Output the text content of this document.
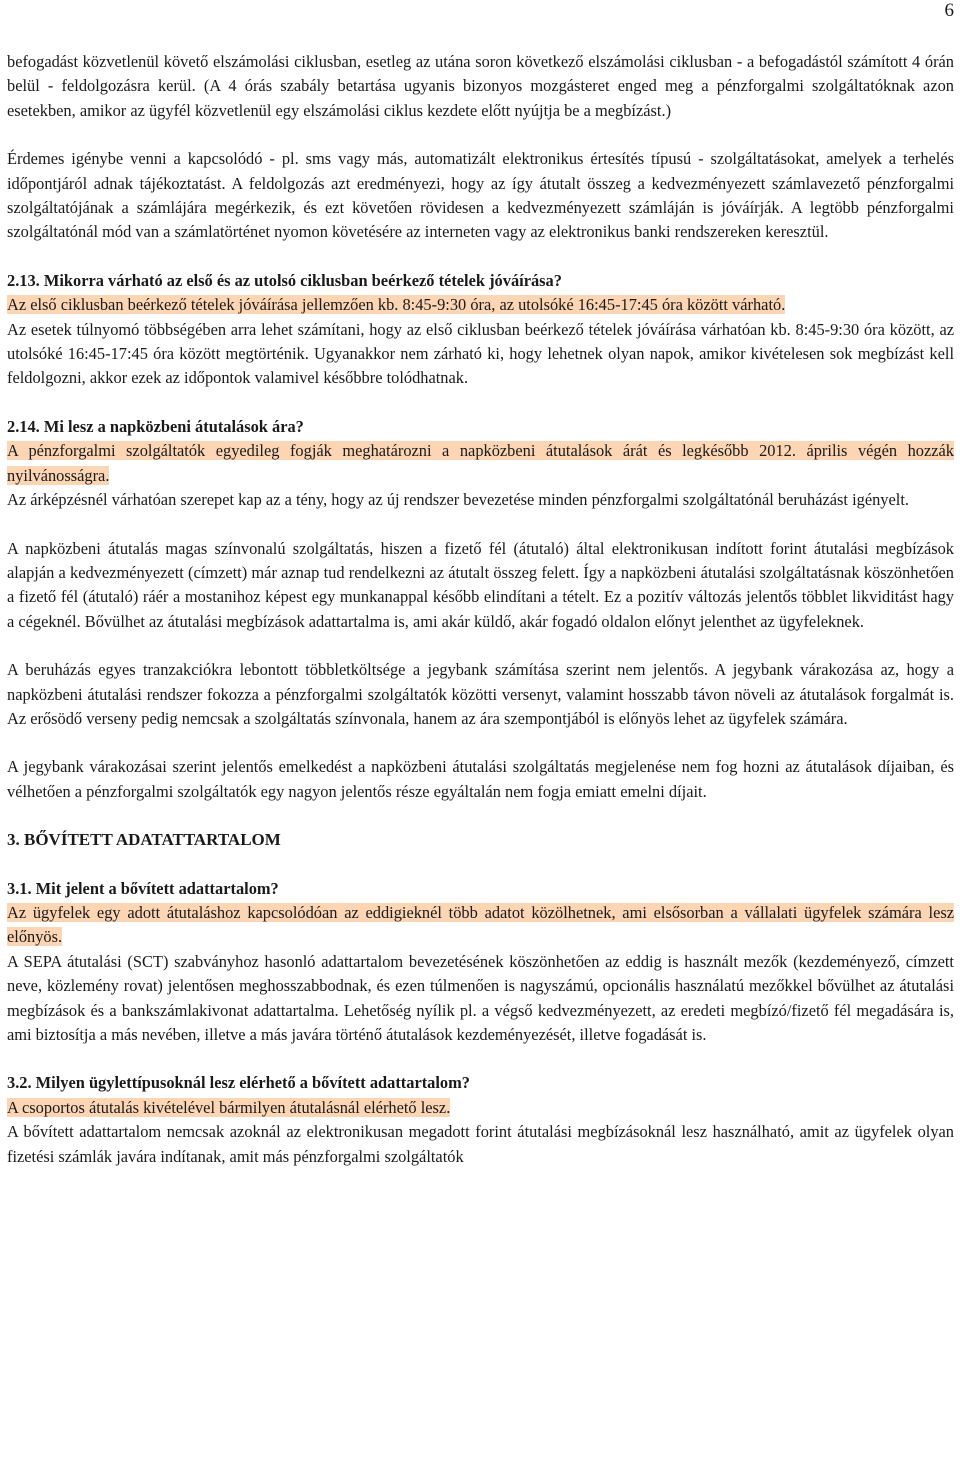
6

befogadást közvetlenül követő elszámolási ciklusban, esetleg az utána soron következő elszámolási ciklusban - a befogadástól számított 4 órán belül - feldolgozásra kerül. (A 4 órás szabály betartása ugyanis bizonyos mozgásteret enged meg a pénzforgalmi szolgáltatóknak azon esetekben, amikor az ügyfél közvetlenül egy elszámolási ciklus kezdete előtt nyújtja be a megbízást.)

Érdemes igénybe venni a kapcsolódó - pl. sms vagy más, automatizált elektronikus értesítés típusú - szolgáltatásokat, amelyek a terhelés időpontjáról adnak tájékoztatást. A feldolgozás azt eredményezi, hogy az így átutalt összeg a kedvezményezett számlavezető pénzforgalmi szolgáltatójának a számlájára megérkezik, és ezt követően rövidesen a kedvezményezett számláján is jóváírják. A legtöbb pénzforgalmi szolgáltatónál mód van a számlatörténet nyomon követésére az interneten vagy az elektronikus banki rendszereken keresztül.

2.13. Mikorra várható az első és az utolsó ciklusban beérkező tételek jóváírása?

Az első ciklusban beérkező tételek jóváírása jellemzően kb. 8:45-9:30 óra, az utolsóké 16:45-17:45 óra között várható.

Az esetek túlnyomó többségében arra lehet számítani, hogy az első ciklusban beérkező tételek jóváírása várhatóan kb. 8:45-9:30 óra között, az utolsóké 16:45-17:45 óra között megtörténik. Ugyanakkor nem zárható ki, hogy lehetnek olyan napok, amikor kivételesen sok megbízást kell feldolgozni, akkor ezek az időpontok valamivel későbbre tolódhatnak.

2.14. Mi lesz a napközbeni átutalások ára?

A pénzforgalmi szolgáltatók egyedileg fogják meghatározni a napközbeni átutalások árát és legkésőbb 2012. április végén hozzák nyilvánosságra.

Az árképzésnél várhatóan szerepet kap az a tény, hogy az új rendszer bevezetése minden pénzforgalmi szolgáltatónál beruházást igényelt.

A napközbeni átutalás magas színvonalú szolgáltatás, hiszen a fizető fél (átutaló) által elektronikusan indított forint átutalási megbízások alapján a kedvezményezett (címzett) már aznap tud rendelkezni az átutalt összeg felett. Így a napközbeni átutalási szolgáltatásnak köszönhetően a fizető fél (átutaló) ráér a mostanihoz képest egy munkanappal később elindítani a tételt. Ez a pozitív változás jelentős többlet likviditást hagy a cégeknél. Bővülhet az átutalási megbízások adattartalma is, ami akár küldő, akár fogadó oldalon előnyt jelenthet az ügyfeleknek.

A beruházás egyes tranzakciókra lebontott többletköltsége a jegybank számítása szerint nem jelentős. A jegybank várakozása az, hogy a napközbeni átutalási rendszer fokozza a pénzforgalmi szolgáltatók közötti versenyt, valamint hosszabb távon növeli az átutalások forgalmát is. Az erősödő verseny pedig nemcsak a szolgáltatás színvonala, hanem az ára szempontjából is előnyös lehet az ügyfelek számára.

A jegybank várakozásai szerint jelentős emelkedést a napközbeni átutalási szolgáltatás megjelenése nem fog hozni az átutalások díjaiban, és vélhetően a pénzforgalmi szolgáltatók egy nagyon jelentős része egyáltalán nem fogja emiatt emelni díjait.

3. BŐVÍTETT ADATATTARTALOM
3.1. Mit jelent a bővített adattartalom?

Az ügyfelek egy adott átutaláshoz kapcsolódóan az eddigieknél több adatot közölhetnek, ami elsősorban a vállalati ügyfelek számára lesz előnyös.

A SEPA átutalási (SCT) szabványhoz hasonló adattartalom bevezetésének köszönhetően az eddig is használt mezők (kezdeményező, címzett neve, közlemény rovat) jelentősen meghosszabbodnak, és ezen túlmenően is nagyszámú, opcionális használatú mezőkkel bővülhet az átutalási megbízások és a bankszámlakivonat adattartalma. Lehetőség nyílik pl. a végső kedvezményezett, az eredeti megbízó/fizető fél megadására is, ami biztosítja a más nevében, illetve a más javára történő átutalások kezdeményezését, illetve fogadását is.

3.2. Milyen ügylettípusoknál lesz elérhető a bővített adattartalom?

A csoportos átutalás kivételével bármilyen átutalásnál elérhető lesz.

A bővített adattartalom nemcsak azoknál az elektronikusan megadott forint átutalási megbízásoknál lesz használható, amit az ügyfelek olyan fizetési számlák javára indítanak, amit más pénzforgalmi szolgáltatók
